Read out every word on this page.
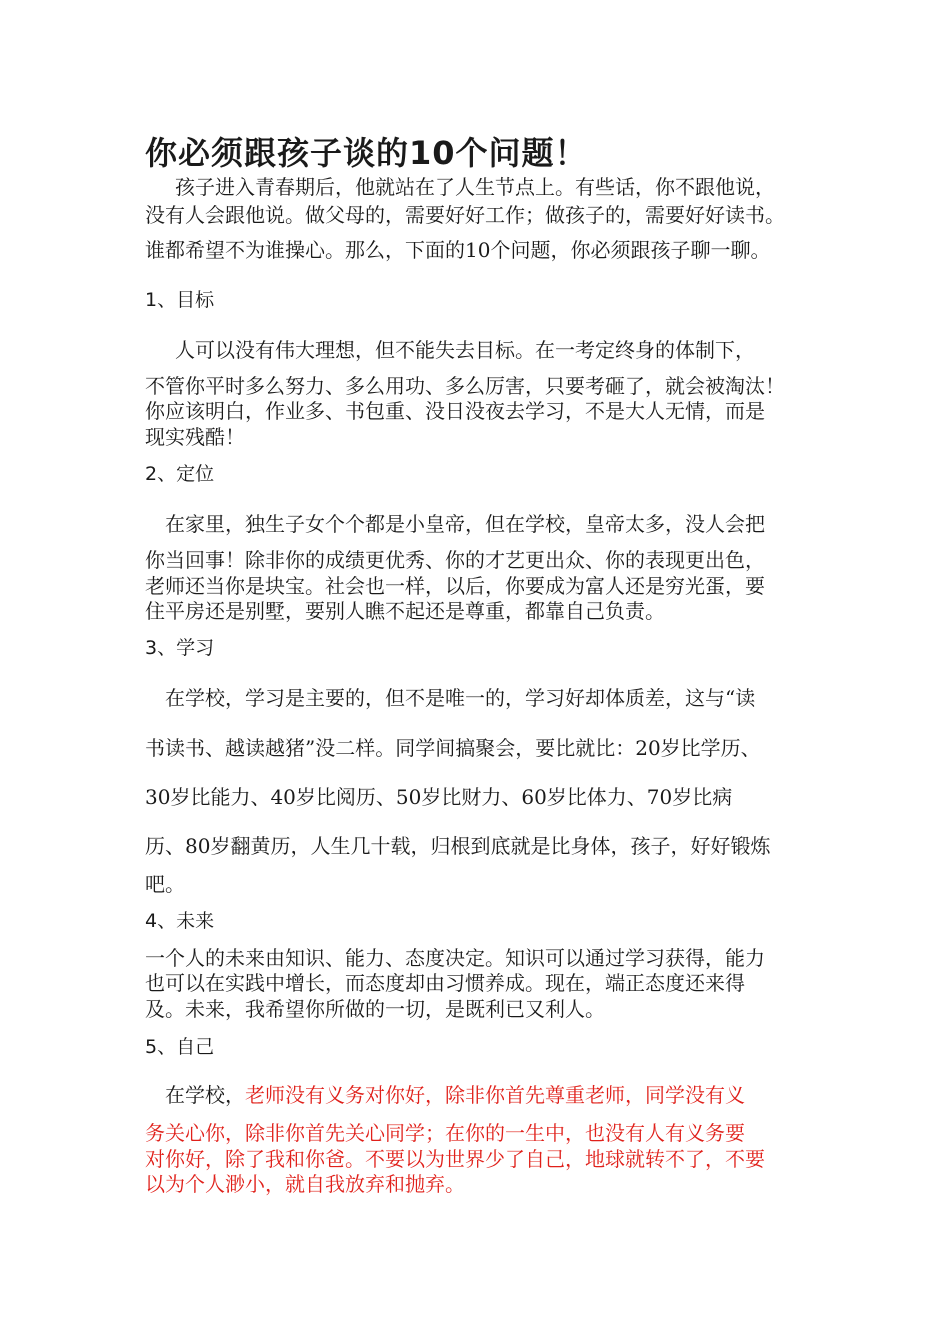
你必须跟孩子谈的10个问题！
孩子进入青春期后，他就站在了人生节点上。有些话，你不跟他说，
没有人会跟他说。做父母的，需要好好工作；做孩子的，需要好好读书。
谁都希望不为谁操心。那么，下面的10个问题，你必须跟孩子聊一聊。
1、目标
人可以没有伟大理想，但不能失去目标。在一考定终身的体制下，
不管你平时多么努力、多么用功、多么厉害，只要考砸了，就会被淘汰！
你应该明白，作业多、书包重、没日没夜去学习，不是大人无情，而是
现实残酷！
2、定位
在家里，独生子女个个都是小皇帝，但在学校，皇帝太多，没人会把
你当回事！除非你的成绩更优秀、你的才艺更出众、你的表现更出色，
老师还当你是块宝。社会也一样，以后，你要成为富人还是穷光蛋，要
住平房还是别墅，要别人瞧不起还是尊重，都靠自己负责。
3、学习
在学校，学习是主要的，但不是唯一的，学习好却体质差，这与“读
书读书、越读越猪”没二样。同学间搞聚会，要比就比：20岁比学历、
30岁比能力、40岁比阅历、50岁比财力、60岁比体力、70岁比病
历、80岁翻黄历，人生几十载，归根到底就是比身体，孩子，好好锻炼
吧。
4、未来
一个人的未来由知识、能力、态度决定。知识可以通过学习获得，能力
也可以在实践中增长，而态度却由习惯养成。现在，端正态度还来得
及。未来，我希望你所做的一切，是既利已又利人。
5、自己
在学校，老师没有义务对你好，除非你首先尊重老师，同学没有义
务关心你，除非你首先关心同学；在你的一生中，也没有人有义务要
对你好，除了我和你爸。不要以为世界少了自己，地球就转不了，不要
以为个人渺小，就自我放弃和抛弃。
